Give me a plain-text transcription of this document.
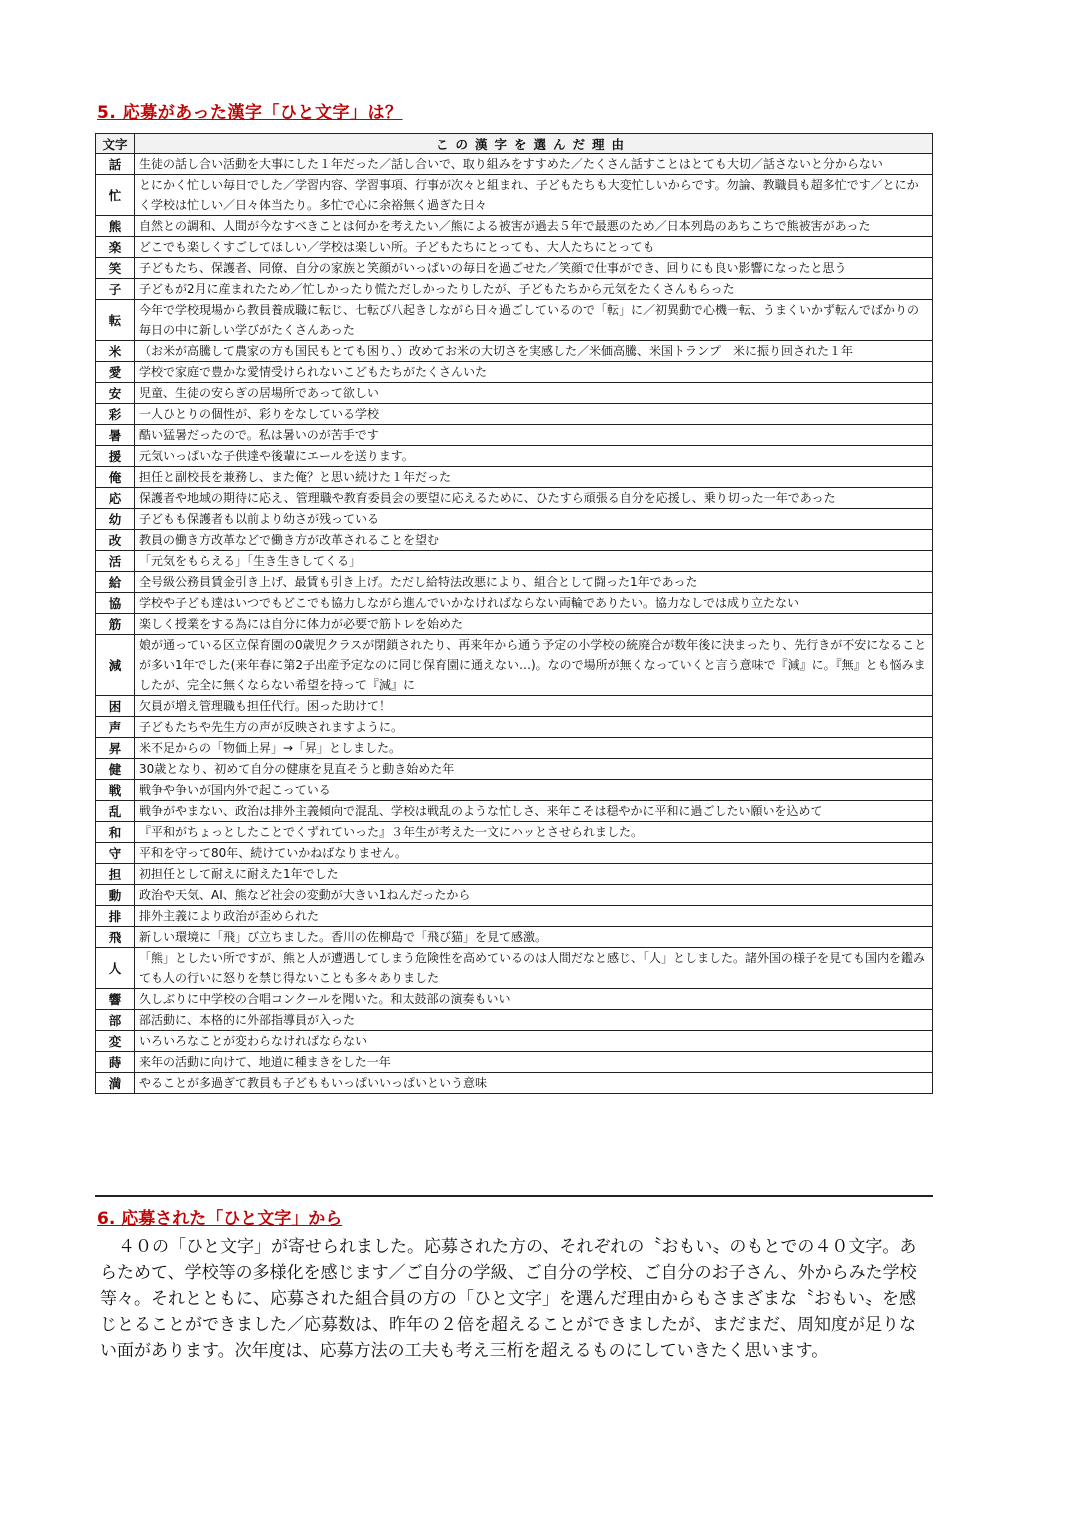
5. 応募があった漢字「ひと文字」は？
文字	この漢字を選んだ理由
話	生徒の話し合い活動を大事にした１年だった／話し合いで、取り組みをすすめた／たくさん話すことはとても大切／話さないと分からない
忙	とにかく忙しい毎日でした／学習内容、学習事項、行事が次々と組まれ、子どもたちも大変忙しいからです。勿論、教職員も超多忙です／とにかく学校は忙しい／日々体当たり。多忙で心に余裕無く過ぎた日々
熊	自然との調和、人間が今なすべきことは何かを考えたい／熊による被害が過去５年で最悪のため／日本列島のあちこちで熊被害があった
楽	どこでも楽しくすごしてほしい／学校は楽しい所。子どもたちにとっても、大人たちにとっても
笑	子どもたち、保護者、同僚、自分の家族と笑顔がいっぱいの毎日を過ごせた／笑顔で仕事ができ、回りにも良い影響になったと思う
子	子どもが2月に産まれたため／忙しかったり慌ただしかったりしたが、子どもたちから元気をたくさんもらった
転	今年で学校現場から教員養成職に転じ、七転び八起きしながら日々過ごしているので「転」に／初異動で心機一転、うまくいかず転んでばかりの毎日の中に新しい学びがたくさんあった
米	（お米が高騰して農家の方も国民もとても困り、）改めてお米の大切さを実感した／米価高騰、米国トランプ　米に振り回された１年
愛	学校で家庭で豊かな愛情受けられないこどもたちがたくさんいた
安	児童、生徒の安らぎの居場所であって欲しい
彩	一人ひとりの個性が、彩りをなしている学校
暑	酷い猛暑だったので。私は暑いのが苦手です
援	元気いっぱいな子供達や後輩にエールを送ります。
俺	担任と副校長を兼務し、また俺？と思い続けた１年だった
応	保護者や地域の期待に応え、管理職や教育委員会の要望に応えるために、ひたすら頑張る自分を応援し、乗り切った一年であった
幼	子どもも保護者も以前より幼さが残っている
改	教員の働き方改革などで働き方が改革されることを望む
活	「元気をもらえる」「生き生きしてくる」
給	全号級公務員賃金引き上げ、最賃も引き上げ。ただし給特法改悪により、組合として闘った1年であった
協	学校や子ども達はいつでもどこでも協力しながら進んでいかなければならない両輪でありたい。協力なしでは成り立たない
筋	楽しく授業をする為には自分に体力が必要で筋トレを始めた
減	娘が通っている区立保育園の0歳児クラスが閉鎖されたり、再来年から通う予定の小学校の統廃合が数年後に決まったり、先行きが不安になることが多い1年でした(来年春に第2子出産予定なのに同じ保育園に通えない…)。なので場所が無くなっていくと言う意味で『減』に。『無』とも悩みましたが、完全に無くならない希望を持って『減』に
困	欠員が増え管理職も担任代行。困った助けて！
声	子どもたちや先生方の声が反映されますように。
昇	米不足からの「物価上昇」→「昇」としました。
健	30歳となり、初めて自分の健康を見直そうと動き始めた年
戦	戦争や争いが国内外で起こっている
乱	戦争がやまない、政治は排外主義傾向で混乱、学校は戦乱のような忙しさ、来年こそは穏やかに平和に過ごしたい願いを込めて
和	『平和がちょっとしたことでくずれていった』３年生が考えた一文にハッとさせられました。
守	平和を守って80年、続けていかねばなりません。
担	初担任として耐えに耐えた1年でした
動	政治や天気、AI、熊など社会の変動が大きい1ねんだったから
排	排外主義により政治が歪められた
飛	新しい環境に「飛」び立ちました。香川の佐柳島で「飛び猫」を見て感激。
人	「熊」としたい所ですが、熊と人が遭遇してしまう危険性を高めているのは人間だなと感じ、「人」としました。諸外国の様子を見ても国内を鑑みても人の行いに怒りを禁じ得ないことも多々ありました
響	久しぶりに中学校の合唱コンクールを聞いた。和太鼓部の演奏もいい
部	部活動に、本格的に外部指導員が入った
変	いろいろなことが変わらなければならない
蒔	来年の活動に向けて、地道に種まきをした一年
満	やることが多過ぎて教員も子どももいっぱいいっぱいという意味
6. 応募された「ひと文字」から

４０の「ひと文字」が寄せられました。応募された方の、それぞれの〝おもい〟のもとでの４０文字。あらためて、学校等の多様化を感じます／ご自分の学級、ご自分の学校、ご自分のお子さん、外からみた学校等々。それとともに、応募された組合員の方の「ひと文字」を選んだ理由からもさまざまな〝おもい〟を感じとることができました／応募数は、昨年の２倍を超えることができましたが、まだまだ、周知度が足りない面があります。次年度は、応募方法の工夫も考え三桁を超えるものにしていきたく思います。
